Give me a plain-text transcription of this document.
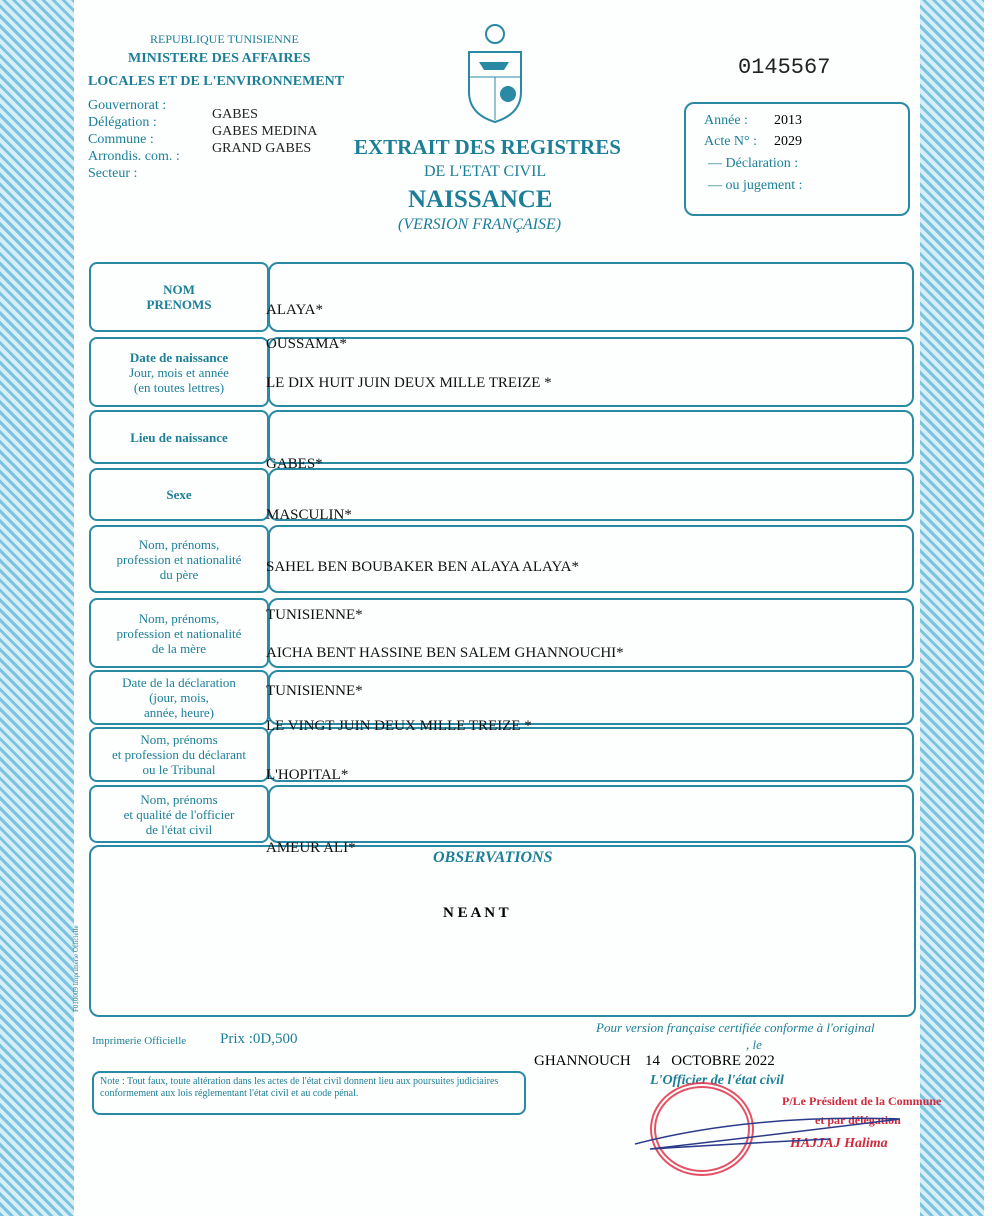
REPUBLIQUE TUNISIENNE
MINISTERE DES AFFAIRES
LOCALES ET DE L'ENVIRONNEMENT
Gouvernorat :
Délégation :
Commune :
Arrondis. com. :
Secteur :
GABES
GABES MEDINA
GRAND GABES
0145567
EXTRAIT DES REGISTRES
DE L'ETAT CIVIL
NAISSANCE
(VERSION FRANÇAISE)
Année : 2013
Acte N° : 2029
— Déclaration :
— ou jugement :
NOM
PRENOMS
Date de naissance
Jour, mois et année
(en toutes lettres)
Lieu de naissance
Sexe
Nom, prénoms,
profession et nationalité
du père
Nom, prénoms,
profession et nationalité
de la mère
Date de la déclaration
(jour, mois,
année, heure)
Nom, prénoms
et profession du déclarant
ou le Tribunal
Nom, prénoms
et qualité de l'officier
de l'état civil
OBSERVATIONS
N E A N T
ALAYA*
OUSSAMA*
LE DIX HUIT JUIN DEUX MILLE TREIZE *
GABES*
MASCULIN*
SAHEL BEN BOUBAKER BEN ALAYA ALAYA*
TUNISIENNE*
AICHA BENT HASSINE BEN SALEM GHANNOUCHI*
TUNISIENNE*
LE VINGT JUIN DEUX MILLE TREIZE *
L'HOPITAL*
AMEUR ALI*
F010009 Imprimerie Officielle
Imprimerie Officielle Prix :0D,500
Pour version française certifiée conforme à l'original
, le
GHANNOUCH 14   OCTOBRE 2022
L'Officier de l'état civil
Note : Tout faux, toute altération dans les actes de l'état civil donnent lieu aux poursuites judiciaires conformement aux lois réglementant l'état civil et au code pénal.
P/Le Président de la Commune
et par délégation
HAJJAJ Halima
